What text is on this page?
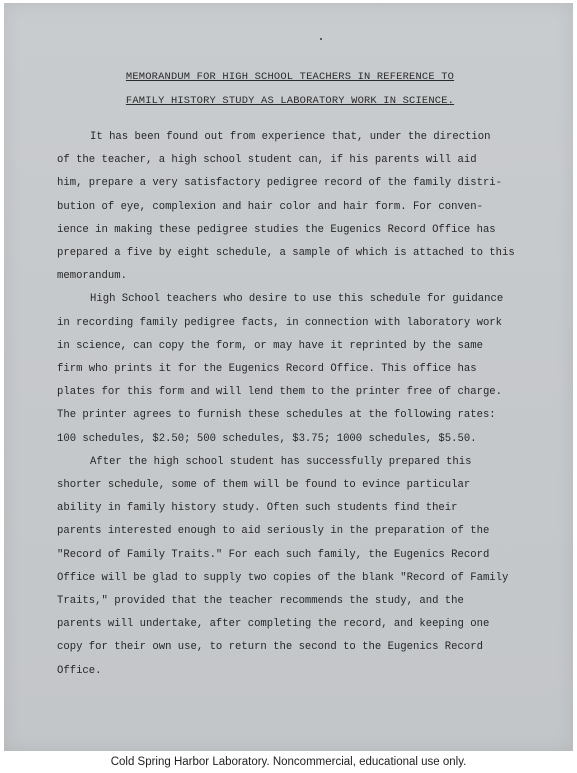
MEMORANDUM FOR HIGH SCHOOL TEACHERS IN REFERENCE TO
FAMILY HISTORY STUDY AS LABORATORY WORK IN SCIENCE.
It has been found out from experience that, under the direction
of the teacher, a high school student can, if his parents will aid
him, prepare a very satisfactory pedigree record of the family distri-
bution of eye, complexion and hair color and hair form. For conven-
ience in making these pedigree studies the Eugenics Record Office has
prepared a five by eight schedule, a sample of which is attached to this
memorandum.
High School teachers who desire to use this schedule for guidance
in recording family pedigree facts, in connection with laboratory work
in science, can copy the form, or may have it reprinted by the same
firm who prints it for the Eugenics Record Office. This office has
plates for this form and will lend them to the printer free of charge.
The printer agrees to furnish these schedules at the following rates:
100 schedules, $2.50; 500 schedules, $3.75; 1000 schedules, $5.50.
After the high school student has successfully prepared this
shorter schedule, some of them will be found to evince particular
ability in family history study. Often such students find their
parents interested enough to aid seriously in the preparation of the
"Record of Family Traits." For each such family, the Eugenics Record
Office will be glad to supply two copies of the blank "Record of Family
Traits," provided that the teacher recommends the study, and the
parents will undertake, after completing the record, and keeping one
copy for their own use, to return the second to the Eugenics Record
Office.
Cold Spring Harbor Laboratory. Noncommercial, educational use only.
